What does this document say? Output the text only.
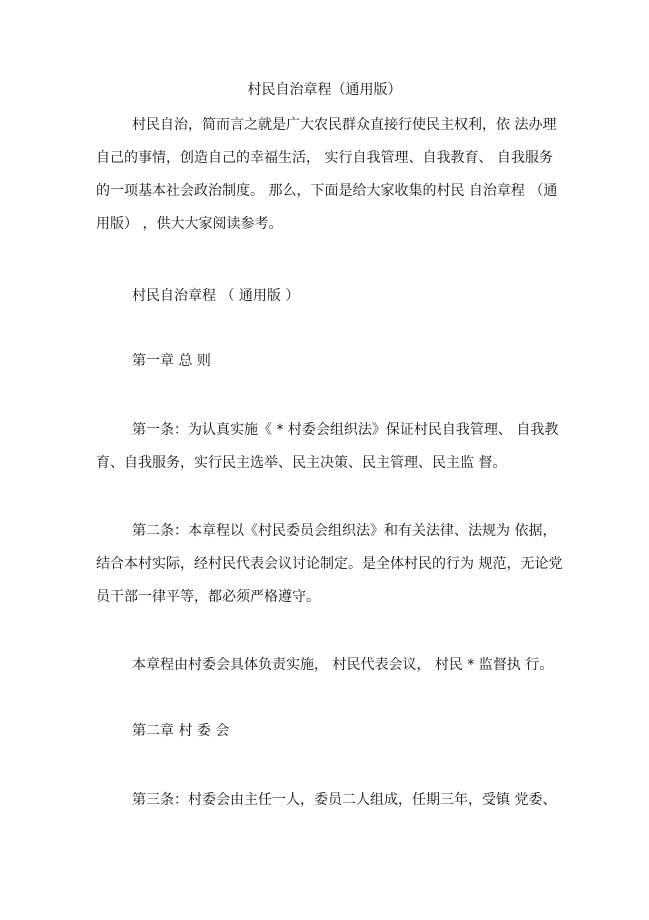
村民自治章程（通用版）
村民自治，简而言之就是广大农民群众直接行使民主权利，依 法办理
自己的事情，创造自己的幸福生活， 实行自我管理、自我教育、 自我服务
的一项基本社会政治制度。 那么，下面是给大家收集的村民 自治章程 （通
用版） ，供大大家阅读参考。
村民自治章程 （ 通用版 ）
第一章 总 则
第一条：为认真实施《 * 村委会组织法》保证村民自我管理、 自我教
育、自我服务，实行民主选举、民主决策、民主管理、民主监 督。
第二条：本章程以《村民委员会组织法》和有关法律、法规为 依据，
结合本村实际，经村民代表会议讨论制定。是全体村民的行为 规范，无论党
员干部一律平等，都必须严格遵守。
本章程由村委会具体负责实施， 村民代表会议， 村民 * 监督执 行。
第二章 村 委 会
第三条：村委会由主任一人，委员二人组成，任期三年，受镇 党委、
